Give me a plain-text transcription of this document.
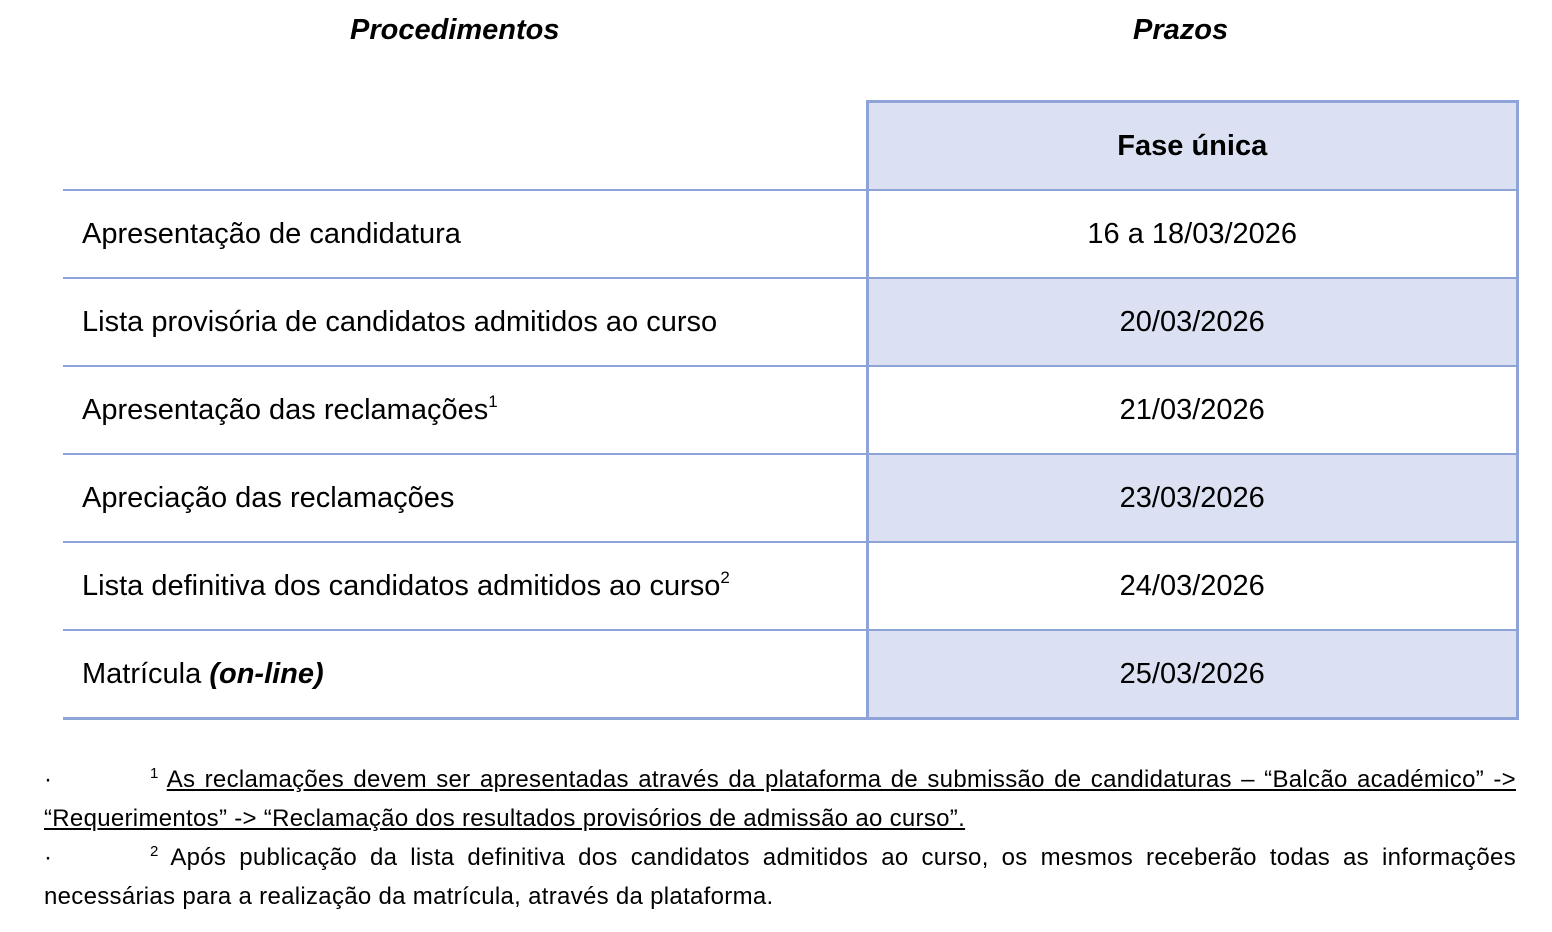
Procedimentos	Prazos
	Fase única
Apresentação de candidatura	16 a 18/03/2026
Lista provisória de candidatos admitidos ao curso	20/03/2026
Apresentação das reclamações$^1$	21/03/2026
Apreciação das reclamações	23/03/2026
Lista definitiva dos candidatos admitidos ao curso$^2$	24/03/2026
Matrícula (on-line)	25/03/2026

·	$^1$ As reclamações devem ser apresentadas através da plataforma de submissão de candidaturas – “Balcão académico” -> “Requerimentos” -> “Reclamação dos resultados provisórios de admissão ao curso”.

·	$^2$ Após publicação da lista definitiva dos candidatos admitidos ao curso, os mesmos receberão todas as informações necessárias para a realização da matrícula, através da plataforma.
